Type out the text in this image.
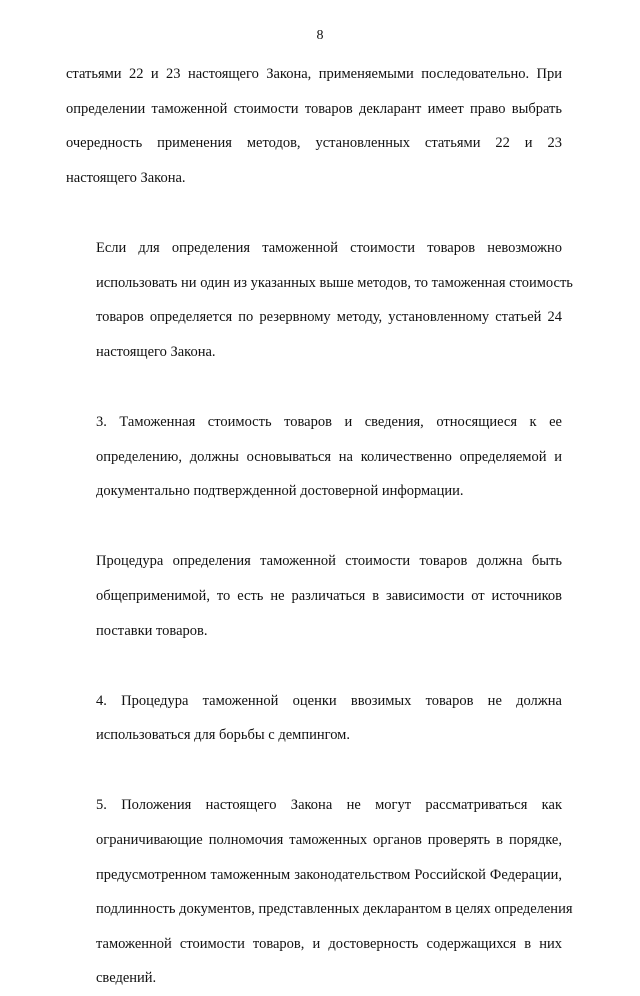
8

статьями 22 и 23 настоящего Закона, применяемыми последовательно. При
определении таможенной стоимости товаров декларант имеет право выбрать
очередность применения методов, установленных статьями 22 и 23
настоящего Закона.

Если для определения таможенной стоимости товаров невозможно
использовать ни один из указанных выше методов, то таможенная стоимость
товаров определяется по резервному методу, установленному статьей 24
настоящего Закона.

3. Таможенная стоимость товаров и сведения, относящиеся к ее
определению, должны основываться на количественно определяемой и
документально подтвержденной достоверной информации.

Процедура определения таможенной стоимости товаров должна быть
общеприменимой, то есть не различаться в зависимости от источников
поставки товаров.

4. Процедура таможенной оценки ввозимых товаров не должна
использоваться для борьбы с демпингом.

5. Положения настоящего Закона не могут рассматриваться как
ограничивающие полномочия таможенных органов проверять в порядке,
предусмотренном таможенным законодательством Российской Федерации,
подлинность документов, представленных декларантом в целях определения
таможенной стоимости товаров, и достоверность содержащихся в них
сведений.
